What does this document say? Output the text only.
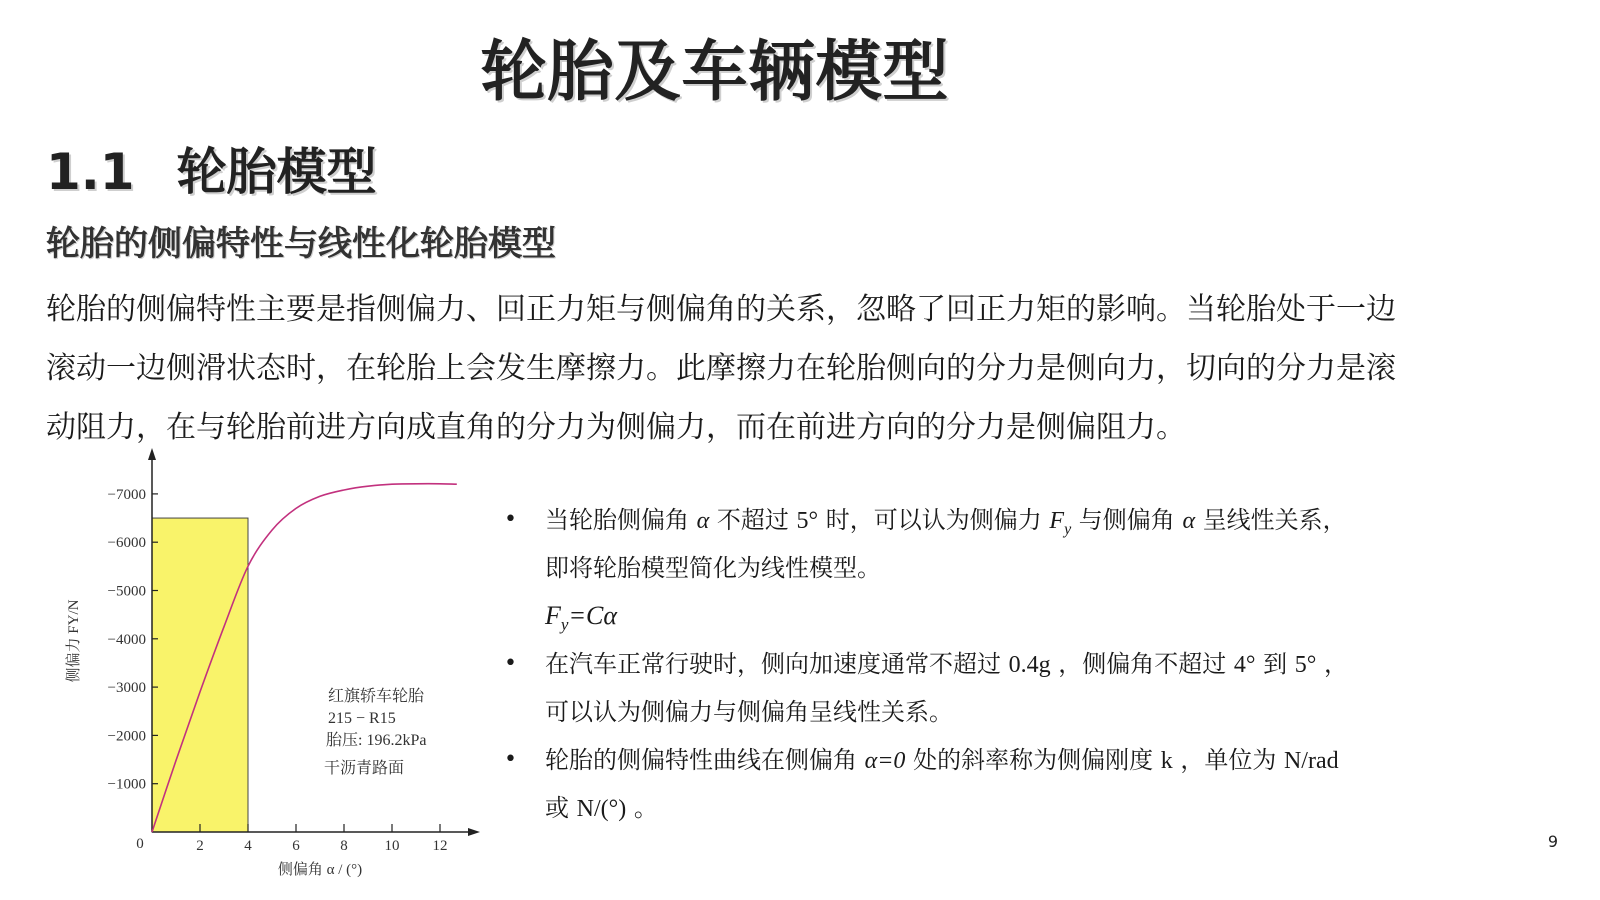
轮胎及车辆模型
1.1 轮胎模型
轮胎的侧偏特性与线性化轮胎模型
轮胎的侧偏特性主要是指侧偏力、回正力矩与侧偏角的关系，忽略了回正力矩的影响。当轮胎处于一边
滚动一边侧滑状态时，在轮胎上会发生摩擦力。此摩擦力在轮胎侧向的分力是侧向力，切向的分力是滚
动阻力，在与轮胎前进方向成直角的分力为侧偏力，而在前进方向的分力是侧偏阻力。
侧偏力 FY/N
−1000
−2000
−3000
−4000
−5000
−6000
−7000
2	4	6	8 10 12
0
侧偏角 α / (°)
红旗轿车轮胎
215 − R15
胎压: 196.2kPa
干沥青路面
• 当轮胎侧偏角 α 不超过 5° 时，可以认为侧偏力 $F_y$ 与侧偏角 α 呈线性关系，
即将轮胎模型简化为线性模型。
$F_y=C\alpha$
• 在汽车正常行驶时，侧向加速度通常不超过 0.4g ，侧偏角不超过 4° 到 5° ，
可以认为侧偏力与侧偏角呈线性关系。
• 轮胎的侧偏特性曲线在侧偏角 α=0 处的斜率称为侧偏刚度 k ，单位为 N/rad
或 N/(°) 。
9
